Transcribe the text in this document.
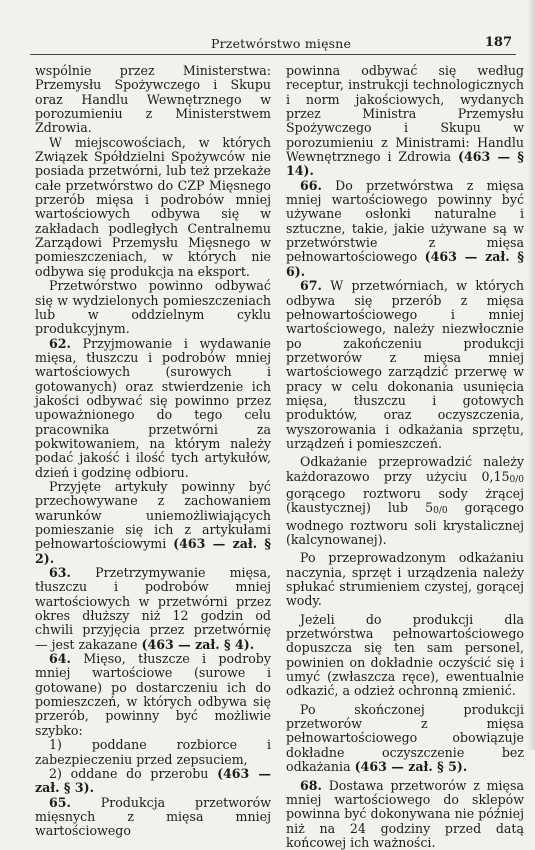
Przetwórstwo mięsne	187

wspólnie przez Ministerstwa: Przemysłu Spożywczego i Skupu oraz Handlu Wewnętrznego w porozumieniu z Ministerstwem Zdrowia.

W miejscowościach, w których Związek Spółdzielni Spożywców nie posiada przetwórni, lub też przekaże całe przetwórstwo do CZP Mięsnego przerób mięsa i podrobów mniej wartościowych odbywa się w zakładach podległych Centralnemu Zarządowi Przemysłu Mięsnego w pomieszczeniach, w których nie odbywa się produkcja na eksport.

Przetwórstwo powinno odbywać się w wydzielonych pomieszczeniach lub w oddzielnym cyklu produkcyjnym.

62. Przyjmowanie i wydawanie mięsa, tłuszczu i podrobów mniej wartościowych (surowych i gotowanych) oraz stwierdzenie ich jakości odbywać się powinno przez upoważnionego do tego celu pracownika przetwórni za pokwitowaniem, na którym należy podać jakość i ilość tych artykułów, dzień i godzinę odbioru.

Przyjęte artykuły powinny być przechowywane z zachowaniem warunków uniemożliwiających pomieszanie się ich z artykułami pełnowartościowymi (463 — zał. § 2).

63. Przetrzymywanie mięsa, tłuszczu i podrobów mniej wartościowych w przetwórni przez okres dłuższy niż 12 godzin od chwili przyjęcia przez przetwórnię — jest zakazane (463 — zał. § 4).

64. Mięso, tłuszcze i podroby mniej wartościowe (surowe i gotowane) po dostarczeniu ich do pomieszczeń, w których odbywa się przerób, powinny być możliwie szybko:

1) poddane rozbiorce i zabezpieczeniu przed zepsuciem,

2) oddane do przerobu (463 — zał. § 3).

65. Produkcja przetworów mięsnych z mięsa mniej wartościowego

powinna odbywać się według receptur, instrukcji technologicznych i norm jakościowych, wydanych przez Ministra Przemysłu Spożywczego i Skupu w porozumieniu z Ministrami: Handlu Wewnętrznego i Zdrowia (463 — § 14).

66. Do przetwórstwa z mięsa mniej wartościowego powinny być używane osłonki naturalne i sztuczne, takie, jakie używane są w przetwórstwie z mięsa pełnowartościowego (463 — zał. § 6).

67. W przetwórniach, w których odbywa się przerób z mięsa pełnowartościowego i mniej wartościowego, należy niezwłocznie po zakończeniu produkcji przetworów z mięsa mniej wartościowego zarządzić przerwę w pracy w celu dokonania usunięcia mięsa, tłuszczu i gotowych produktów, oraz oczyszczenia, wyszorowania i odkażania sprzętu, urządzeń i pomieszczeń.

Odkażanie przeprowadzić należy każdorazowo przy użyciu 0,150/0 gorącego roztworu sody żrącej (kaustycznej) lub 50/0 gorącego wodnego roztworu soli krystalicznej (kalcynowanej).

Po przeprowadzonym odkażaniu naczynia, sprzęt i urządzenia należy spłukać strumieniem czystej, gorącej wody.

Jeżeli do produkcji dla przetwórstwa pełnowartościowego dopuszcza się ten sam personel, powinien on dokładnie oczyścić się i umyć (zwłaszcza ręce), ewentualnie odkazić, a odzież ochronną zmienić.

Po skończonej produkcji przetworów z mięsa pełnowartościowego obowiązuje dokładne oczyszczenie bez odkażania (463 — zał. § 5).

68. Dostawa przetworów z mięsa mniej wartościowego do sklepów powinna być dokonywana nie później niż na 24 godziny przed datą końcowej ich ważności.
